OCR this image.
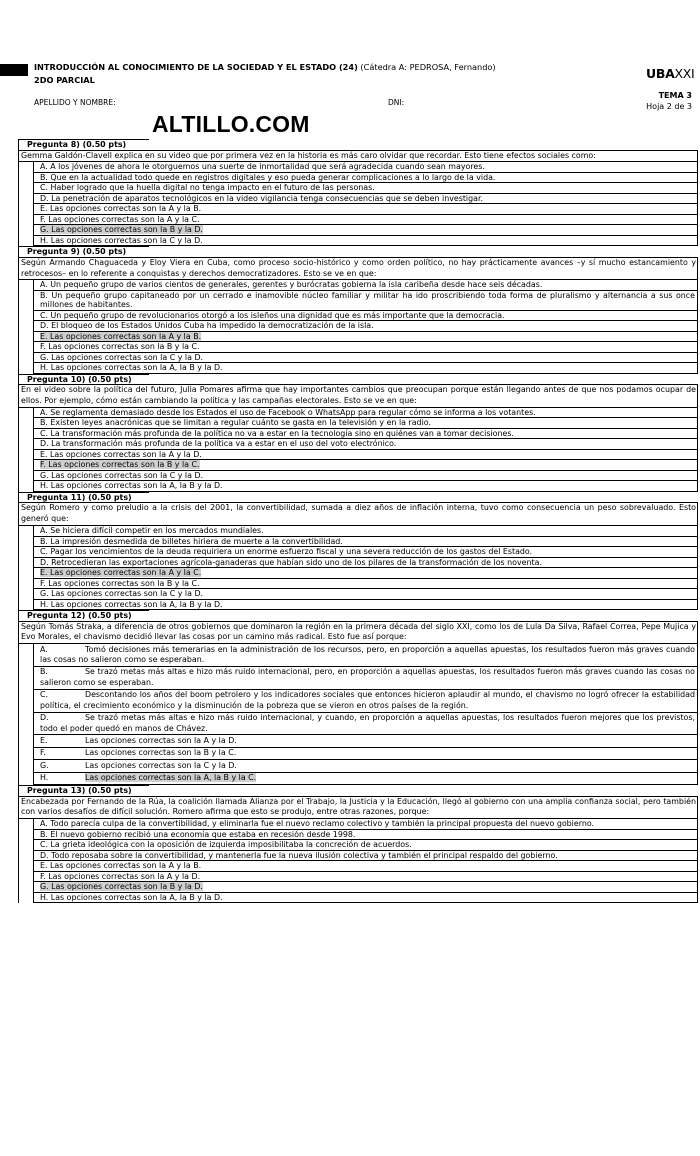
INTRODUCCIÓN AL CONOCIMIENTO DE LA SOCIEDAD Y EL ESTADO (24) (Cátedra A: PEDROSA, Fernando)
2DO PARCIAL	UBAXXI
APELLIDO Y NOMBRE:	DNI:
TEMA 3
Hoja 2 de 3
ALTILLO.COM
Pregunta 8) (0.50 pts)
Gemma Galdón-Clavell explica en su video que por primera vez en la historia es más caro olvidar que recordar. Esto tiene efectos sociales como:
A. A los jóvenes de ahora le otorguemos una suerte de inmortalidad que será agradecida cuando sean mayores.
B. Que en la actualidad todo quede en registros digitales y eso pueda generar complicaciones a lo largo de la vida.
C. Haber logrado que la huella digital no tenga impacto en el futuro de las personas.
D. La penetración de aparatos tecnológicos en la video vigilancia tenga consecuencias que se deben investigar.
E. Las opciones correctas son la A y la B.
F. Las opciones correctas son la A y la C.
G. Las opciones correctas son la B y la D.
H. Las opciones correctas son la C y la D.
Pregunta 9) (0.50 pts)
Según Armando Chaguaceda y Eloy Viera en Cuba, como proceso socio-histórico y como orden político, no hay prácticamente avances –y sí mucho estancamiento y retrocesos– en lo referente a conquistas y derechos democratizadores. Esto se ve en que:
A. Un pequeño grupo de varios cientos de generales, gerentes y burócratas gobierna la isla caribeña desde hace seis décadas.
B. Un pequeño grupo capitaneado por un cerrado e inamovible núcleo familiar y militar ha ido proscribiendo toda forma de pluralismo y alternancia a sus once millones de habitantes.
C. Un pequeño grupo de revolucionarios otorgó a los isleños una dignidad que es más importante que la democracia.
D. El bloqueo de los Estados Unidos Cuba ha impedido la democratización de la isla.
E. Las opciones correctas son la A y la B.
F. Las opciones correctas son la B y la C.
G. Las opciones correctas son la C y la D.
H. Las opciones correctas son la A, la B y la D.
Pregunta 10) (0.50 pts)
En el video sobre la política del futuro, Julia Pomares afirma que hay importantes cambios que preocupan porque están llegando antes de que nos podamos ocupar de ellos. Por ejemplo, cómo están cambiando la política y las campañas electorales. Esto se ve en que:
A. Se reglamenta demasiado desde los Estados el uso de Facebook o WhatsApp para regular cómo se informa a los votantes.
B. Existen leyes anacrónicas que se limitan a regular cuánto se gasta en la televisión y en la radio.
C. La transformación más profunda de la política no va a estar en la tecnología sino en quiénes van a tomar decisiones.
D. La transformación más profunda de la política va a estar en el uso del voto electrónico.
E. Las opciones correctas son la A y la D.
F. Las opciones correctas son la B y la C.
G. Las opciones correctas son la C y la D.
H. Las opciones correctas son la A, la B y la D.
Pregunta 11) (0.50 pts)
Según Romero y como preludio a la crisis del 2001, la convertibilidad, sumada a diez años de inflación interna, tuvo como consecuencia un peso sobrevaluado. Esto generó que:
A. Se hiciera difícil competir en los mercados mundiales.
B. La impresión desmedida de billetes hiriera de muerte a la convertibilidad.
C. Pagar los vencimientos de la deuda requiriera un enorme esfuerzo fiscal y una severa reducción de los gastos del Estado.
D. Retrocedieran las exportaciones agrícola-ganaderas que habían sido uno de los pilares de la transformación de los noventa.
E. Las opciones correctas son la A y la C.
F. Las opciones correctas son la B y la C.
G. Las opciones correctas son la C y la D.
H. Las opciones correctas son la A, la B y la D.
Pregunta 12) (0.50 pts)
Según Tomás Straka, a diferencia de otros gobiernos que dominaron la región en la primera década del siglo XXI, como los de Lula Da Silva, Rafael Correa, Pepe Mujica y Evo Morales, el chavismo decidió llevar las cosas por un camino más radical. Esto fue así porque:
A.	Tomó decisiones más temerarias en la administración de los recursos, pero, en proporción a aquellas apuestas, los resultados fueron más graves cuando las cosas no salieron como se esperaban.
B.	Se trazó metas más altas e hizo más ruido internacional, pero, en proporción a aquellas apuestas, los resultados fueron más graves cuando las cosas no salieron como se esperaban.
C.	Descontando los años del boom petrolero y los indicadores sociales que entonces hicieron aplaudir al mundo, el chavismo no logró ofrecer la estabilidad política, el crecimiento económico y la disminución de la pobreza que se vieron en otros países de la región.
D.	Se trazó metas más altas e hizo más ruido internacional, y cuando, en proporción a aquellas apuestas, los resultados fueron mejores que los previstos, todo el poder quedó en manos de Chávez.
E.	Las opciones correctas son la A y la D.
F.	Las opciones correctas son la B y la C.
G.	Las opciones correctas son la C y la D.
H.	Las opciones correctas son la A, la B y la C.
Pregunta 13) (0.50 pts)
Encabezada por Fernando de la Rúa, la coalición llamada Alianza por el Trabajo, la Justicia y la Educación, llegó al gobierno con una amplia confianza social, pero también con varios desafíos de difícil solución. Romero afirma que esto se produjo, entre otras razones, porque:
A. Todo parecía culpa de la convertibilidad, y eliminarla fue el nuevo reclamo colectivo y también la principal propuesta del nuevo gobierno.
B. El nuevo gobierno recibió una economía que estaba en recesión desde 1998.
C. La grieta ideológica con la oposición de izquierda imposibilitaba la concreción de acuerdos.
D. Todo reposaba sobre la convertibilidad, y mantenerla fue la nueva ilusión colectiva y también el principal respaldo del gobierno.
E. Las opciones correctas son la A y la B.
F. Las opciones correctas son la A y la D.
G. Las opciones correctas son la B y la D.
H. Las opciones correctas son la A, la B y la D.
